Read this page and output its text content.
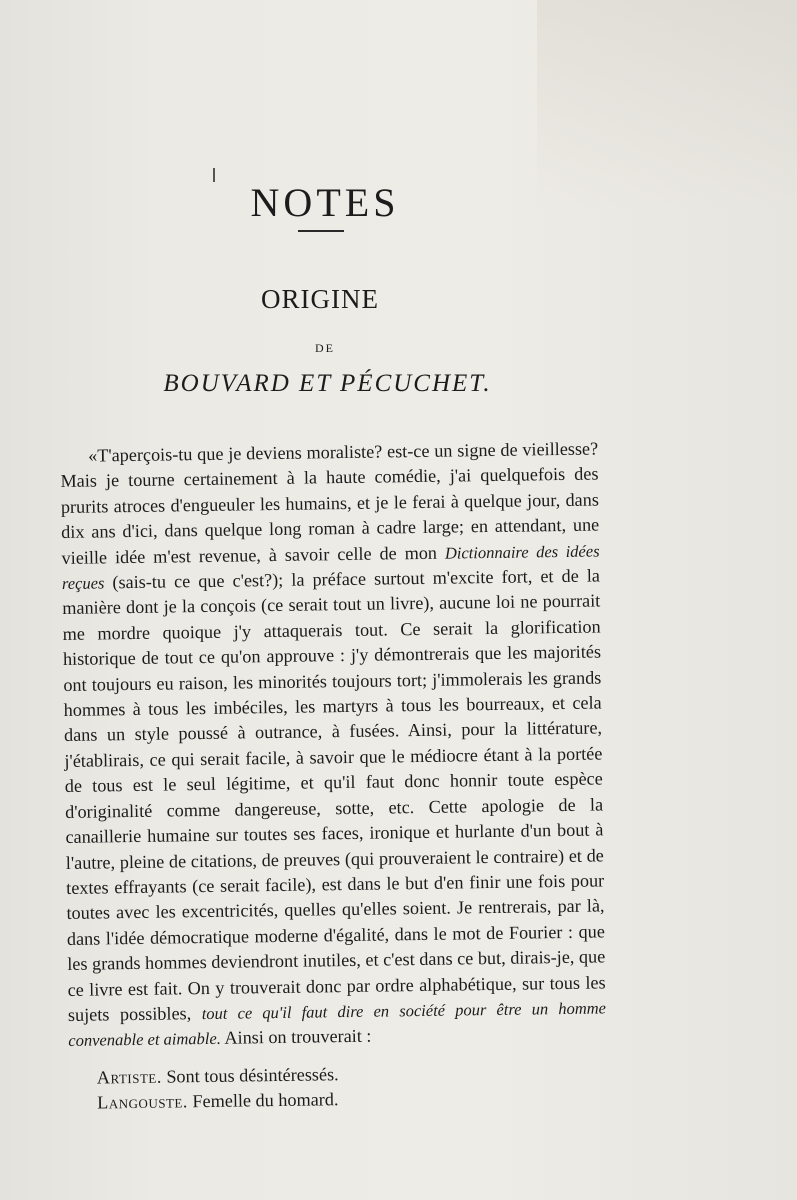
NOTES
ORIGINE
DE
BOUVARD ET PÉCUCHET.

«T'aperçois-tu que je deviens moraliste? est-ce un signe de vieillesse? Mais je tourne certainement à la haute comédie, j'ai quelquefois des prurits atroces d'engueuler les humains, et je le ferai à quelque jour, dans dix ans d'ici, dans quelque long roman à cadre large; en attendant, une vieille idée m'est revenue, à savoir celle de mon Dictionnaire des idées reçues (sais-tu ce que c'est?); la préface surtout m'excite fort, et de la manière dont je la conçois (ce serait tout un livre), aucune loi ne pourrait me mordre quoique j'y attaquerais tout. Ce serait la glorification historique de tout ce qu'on approuve : j'y démontrerais que les majorités ont toujours eu raison, les minorités toujours tort; j'immolerais les grands hommes à tous les imbéciles, les martyrs à tous les bourreaux, et cela dans un style poussé à outrance, à fusées. Ainsi, pour la littérature, j'établirais, ce qui serait facile, à savoir que le médiocre étant à la portée de tous est le seul légitime, et qu'il faut donc honnir toute espèce d'originalité comme dangereuse, sotte, etc. Cette apologie de la canaillerie humaine sur toutes ses faces, ironique et hurlante d'un bout à l'autre, pleine de citations, de preuves (qui prouveraient le contraire) et de textes effrayants (ce serait facile), est dans le but d'en finir une fois pour toutes avec les excentricités, quelles qu'elles soient. Je rentrerais, par là, dans l'idée démocratique moderne d'égalité, dans le mot de Fourier : que les grands hommes deviendront inutiles, et c'est dans ce but, dirais-je, que ce livre est fait. On y trouverait donc par ordre alphabétique, sur tous les sujets possibles, tout ce qu'il faut dire en société pour être un homme convenable et aimable. Ainsi on trouverait :

Artiste. Sont tous désintéressés.

Langouste. Femelle du homard.
